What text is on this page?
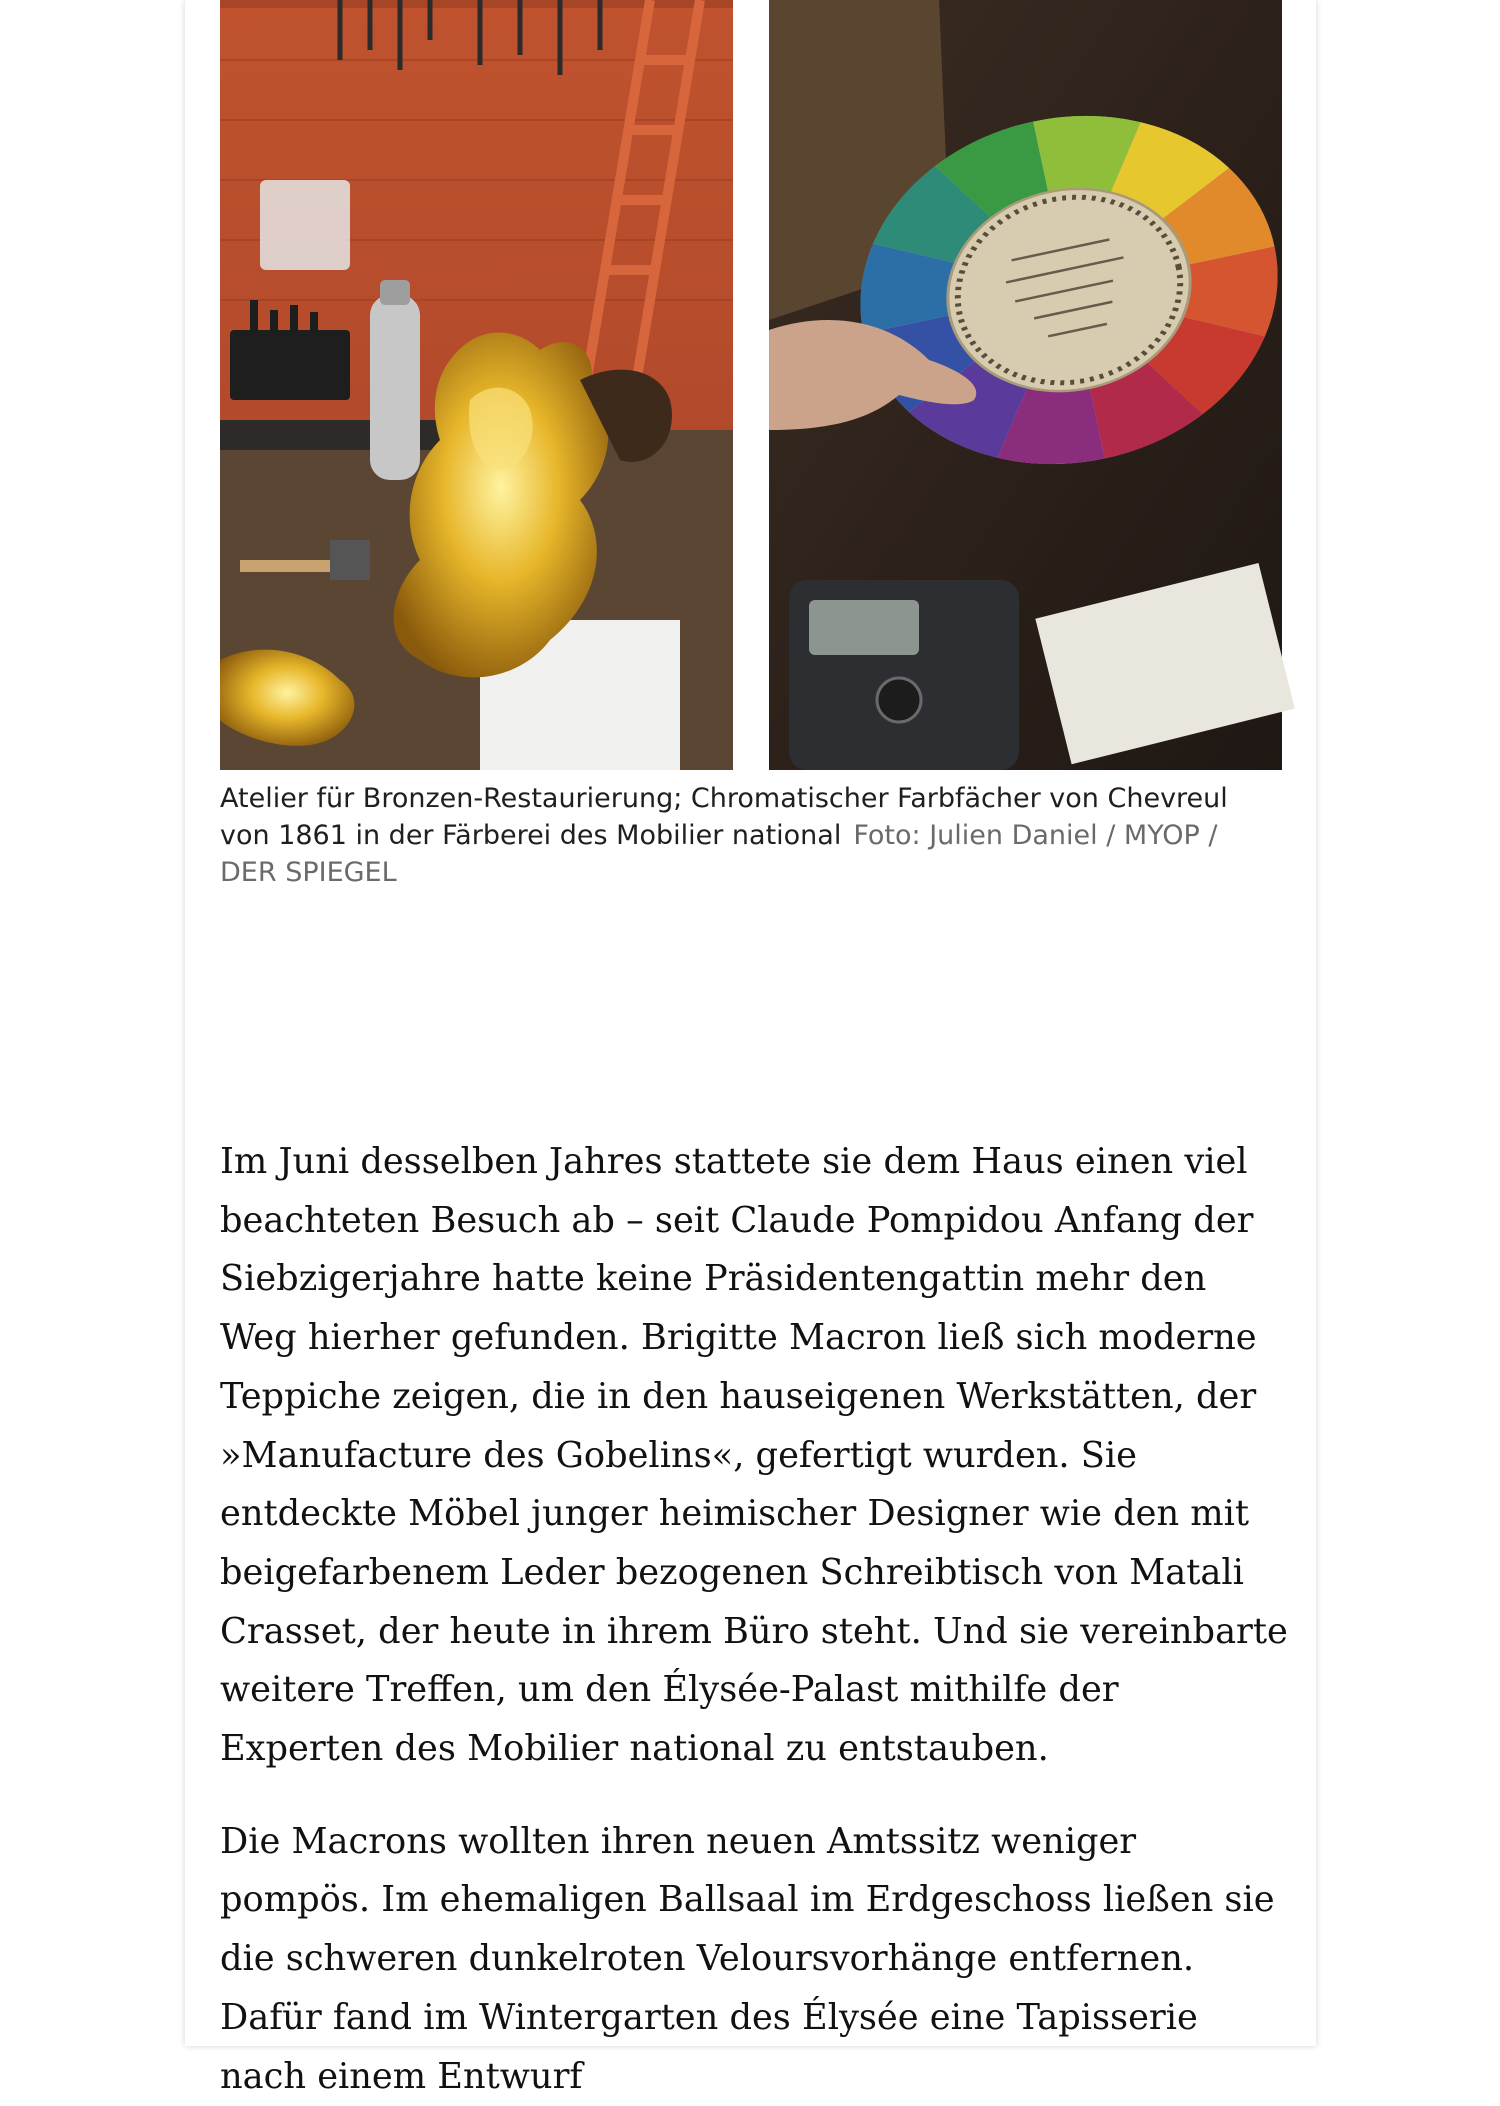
Atelier für Bronzen-Restaurierung; Chromatischer Farbfächer von Chevreul von 1861 in der Färberei des Mobilier national Foto: Julien Daniel / MYOP / DER SPIEGEL

Im Juni desselben Jahres stattete sie dem Haus einen viel beachteten Besuch ab – seit Claude Pompidou Anfang der Siebzigerjahre hatte keine Präsidentengattin mehr den Weg hierher gefunden. Brigitte Macron ließ sich moderne Teppiche zeigen, die in den hauseigenen Werkstätten, der »Manufacture des Gobelins«, gefertigt wurden. Sie entdeckte Möbel junger heimischer Designer wie den mit beigefarbenem Leder bezogenen Schreibtisch von Matali Crasset, der heute in ihrem Büro steht. Und sie vereinbarte weitere Treffen, um den Élysée-Palast mithilfe der Experten des Mobilier national zu entstauben.

Die Macrons wollten ihren neuen Amtssitz weniger pompös. Im ehemaligen Ballsaal im Erdgeschoss ließen sie die schweren dunkelroten Veloursvorhänge entfernen. Dafür fand im Wintergarten des Élysée eine Tapisserie nach einem Entwurf
